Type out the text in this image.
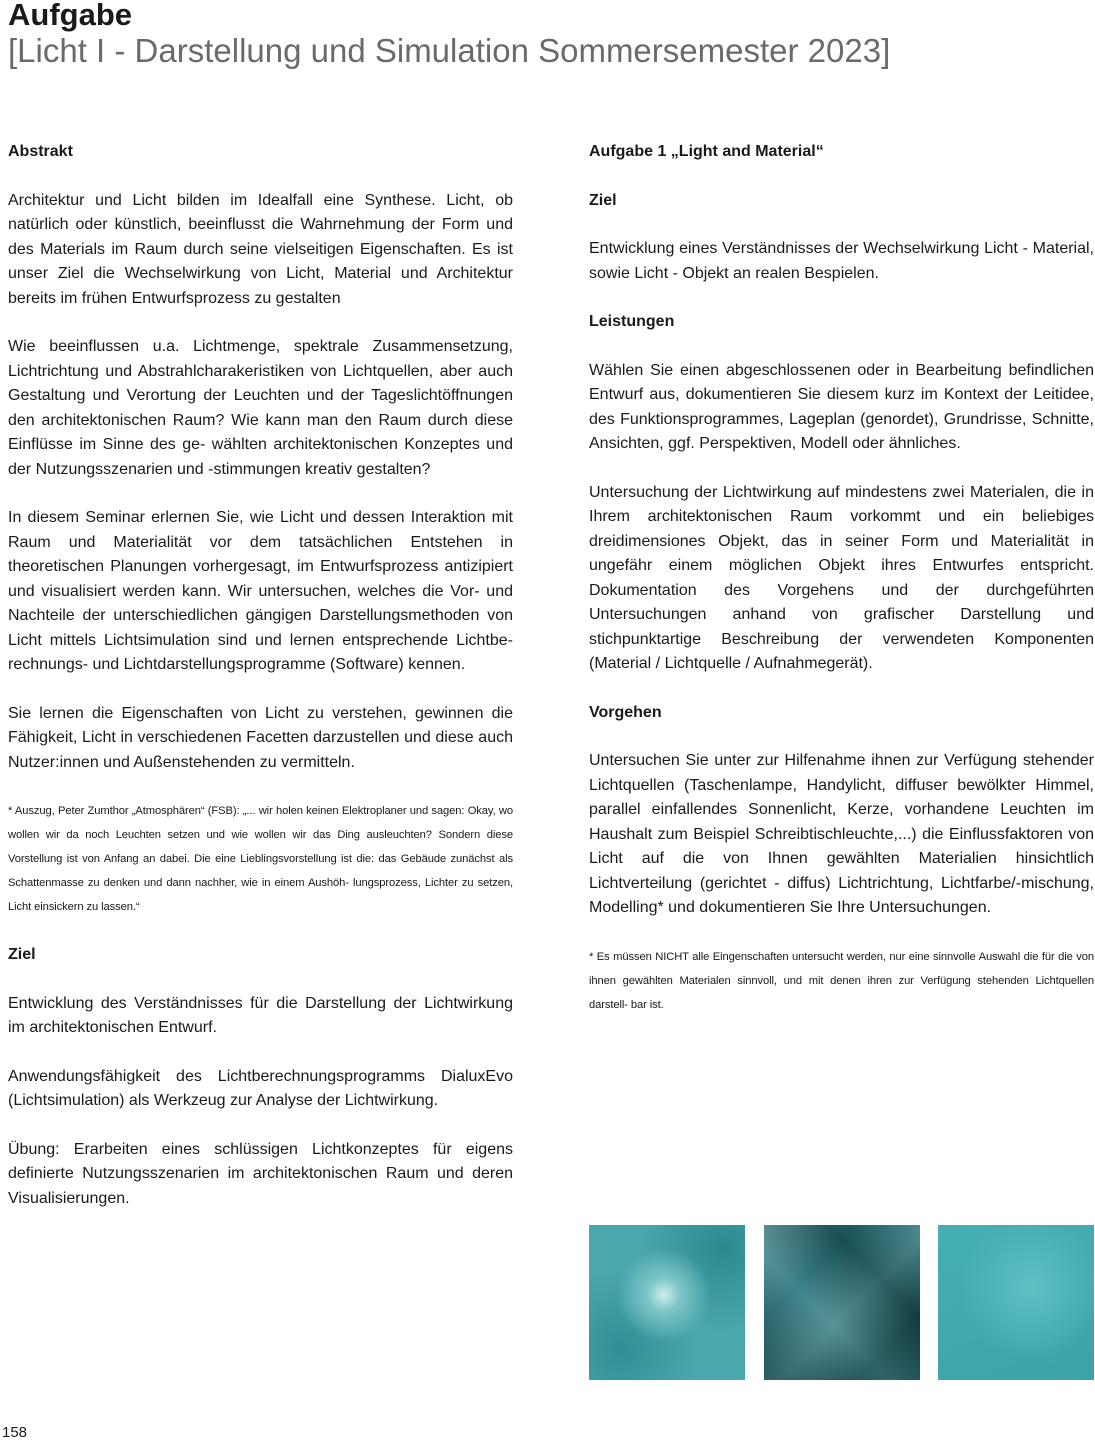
Aufgabe
[Licht I - Darstellung und Simulation Sommersemester 2023]
Abstrakt
Architektur und Licht bilden im Idealfall eine Synthese. Licht, ob natürlich oder künstlich, beeinflusst die Wahrnehmung der Form und des Materials im Raum durch seine vielseitigen Eigenschaften. Es ist unser Ziel die Wechselwirkung von Licht, Material und Architektur bereits im frühen Entwurfsprozess zu gestalten
Wie beeinflussen u.a. Lichtmenge, spektrale Zusammensetzung, Lichtrichtung und Abstrahlcharakeristiken von Lichtquellen, aber auch Gestaltung und Verortung der Leuchten und der Tageslichtöffnungen den architektonischen Raum? Wie kann man den Raum durch diese Einflüsse im Sinne des ge- wählten architektonischen Konzeptes und der Nutzungsszenarien und -stimmungen kreativ gestalten?
In diesem Seminar erlernen Sie, wie Licht und dessen Interaktion mit Raum und Materialität vor dem tatsächlichen Entstehen in theoretischen Planungen vorhergesagt, im Entwurfsprozess antizipiert und visualisiert werden kann. Wir untersuchen, welches die Vor- und Nachteile der unterschiedlichen gängigen Darstellungsmethoden von Licht mittels Lichtsimulation sind und lernen entsprechende Lichtberechnungs- und Lichtdarstellungsprogramme (Software) kennen.
Sie lernen die Eigenschaften von Licht zu verstehen, gewinnen die Fähigkeit, Licht in verschiedenen Facetten darzustellen und diese auch Nutzer:innen und Außenstehenden zu vermitteln.
* Auszug, Peter Zumthor „Atmosphären“ (FSB): „... wir holen keinen Elektroplaner und sagen: Okay, wo wollen wir da noch Leuchten setzen und wie wollen wir das Ding ausleuchten? Sondern diese Vorstellung ist von Anfang an dabei. Die eine Lieblingsvorstellung ist die: das Gebäude zunächst als Schattenmasse zu denken und dann nachher, wie in einem Aushöh- lungsprozess, Lichter zu setzen, Licht einsickern zu lassen.“
Ziel
Entwicklung des Verständnisses für die Darstellung der Lichtwirkung im architektonischen Entwurf.
Anwendungsfähigkeit des Lichtberechnungsprogramms DialuxEvo (Lichtsimulation) als Werkzeug zur Analyse der Lichtwirkung.
Übung: Erarbeiten eines schlüssigen Lichtkonzeptes für eigens definierte Nutzungsszenarien im architektonischen Raum und deren Visualisierungen.
Aufgabe 1 „Light and Material“
Ziel
Entwicklung eines Verständnisses der Wechselwirkung Licht - Material, sowie Licht - Objekt an realen Bespielen.
Leistungen
Wählen Sie einen abgeschlossenen oder in Bearbeitung befindlichen Entwurf aus, dokumentieren Sie diesem kurz im Kontext der Leitidee, des Funktionsprogrammes, Lageplan (genordet), Grundrisse, Schnitte, Ansichten, ggf. Perspektiven, Modell oder ähnliches.
Untersuchung der Lichtwirkung auf mindestens zwei Materialen, die in Ihrem architektonischen Raum vorkommt und ein beliebiges dreidimensiones Objekt, das in seiner Form und Materialität in ungefähr einem möglichen Objekt ihres Entwurfes entspricht. Dokumentation des Vorgehens und der durchgeführten Untersuchungen anhand von grafischer Darstellung und stichpunktartige Beschreibung der verwendeten Komponenten (Material / Lichtquelle / Aufnahmegerät).
Vorgehen
Untersuchen Sie unter zur Hilfenahme ihnen zur Verfügung stehender Lichtquellen (Taschenlampe, Handylicht, diffuser bewölkter Himmel, parallel einfallendes Sonnenlicht, Kerze, vorhandene Leuchten im Haushalt zum Beispiel Schreibtischleuchte,...) die Einflussfaktoren von Licht auf die von Ihnen gewählten Materialien hinsichtlich Lichtverteilung (gerichtet - diffus) Lichtrichtung, Lichtfarbe/-mischung, Modelling* und dokumentieren Sie Ihre Untersuchungen.
* Es müssen NICHT alle Eingenschaften untersucht werden, nur eine sinnvolle Auswahl die für die von ihnen gewählten Materialen sinnvoll, und mit denen ihren zur Verfügung stehenden Lichtquellen darstell- bar ist.
158
